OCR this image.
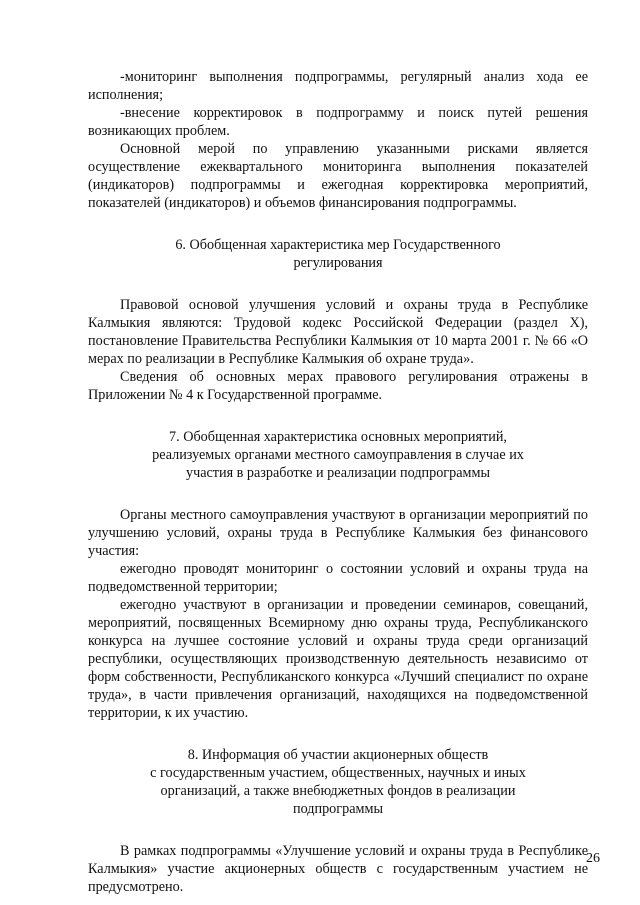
-мониторинг выполнения подпрограммы, регулярный анализ хода ее исполнения;

-внесение корректировок в подпрограмму и поиск путей решения возникающих проблем.

Основной мерой по управлению указанными рисками является осуществление ежеквартального мониторинга выполнения показателей (индикаторов) подпрограммы и ежегодная корректировка мероприятий, показателей (индикаторов) и объемов финансирования подпрограммы.

6. Обобщенная характеристика мер Государственного

регулирования

Правовой основой улучшения условий и охраны труда в Республике Калмыкия являются: Трудовой кодекс Российской Федерации (раздел X), постановление Правительства Республики Калмыкия от 10 марта 2001 г. № 66 «О мерах по реализации в Республике Калмыкия об охране труда».

Сведения об основных мерах правового регулирования отражены в Приложении № 4 к Государственной программе.

7. Обобщенная характеристика основных мероприятий,

реализуемых органами местного самоуправления в случае их

участия в разработке и реализации подпрограммы

Органы местного самоуправления участвуют в организации мероприятий по улучшению условий, охраны труда в Республике Калмыкия без финансового участия:

ежегодно проводят мониторинг о состоянии условий и охраны труда на подведомственной территории;

ежегодно участвуют в организации и проведении семинаров, совещаний, мероприятий, посвященных Всемирному дню охраны труда, Республиканского конкурса на лучшее состояние условий и охраны труда среди организаций республики, осуществляющих производственную деятельность независимо от форм собственности, Республиканского конкурса «Лучший специалист по охране труда», в части привлечения организаций, находящихся на подведомственной территории, к их участию.

8. Информация об участии акционерных обществ

с государственным участием, общественных, научных и иных

организаций, а также внебюджетных фондов в реализации

подпрограммы

В рамках подпрограммы «Улучшение условий и охраны труда в Республике Калмыкия» участие акционерных обществ с государственным участием не предусмотрено.

26
